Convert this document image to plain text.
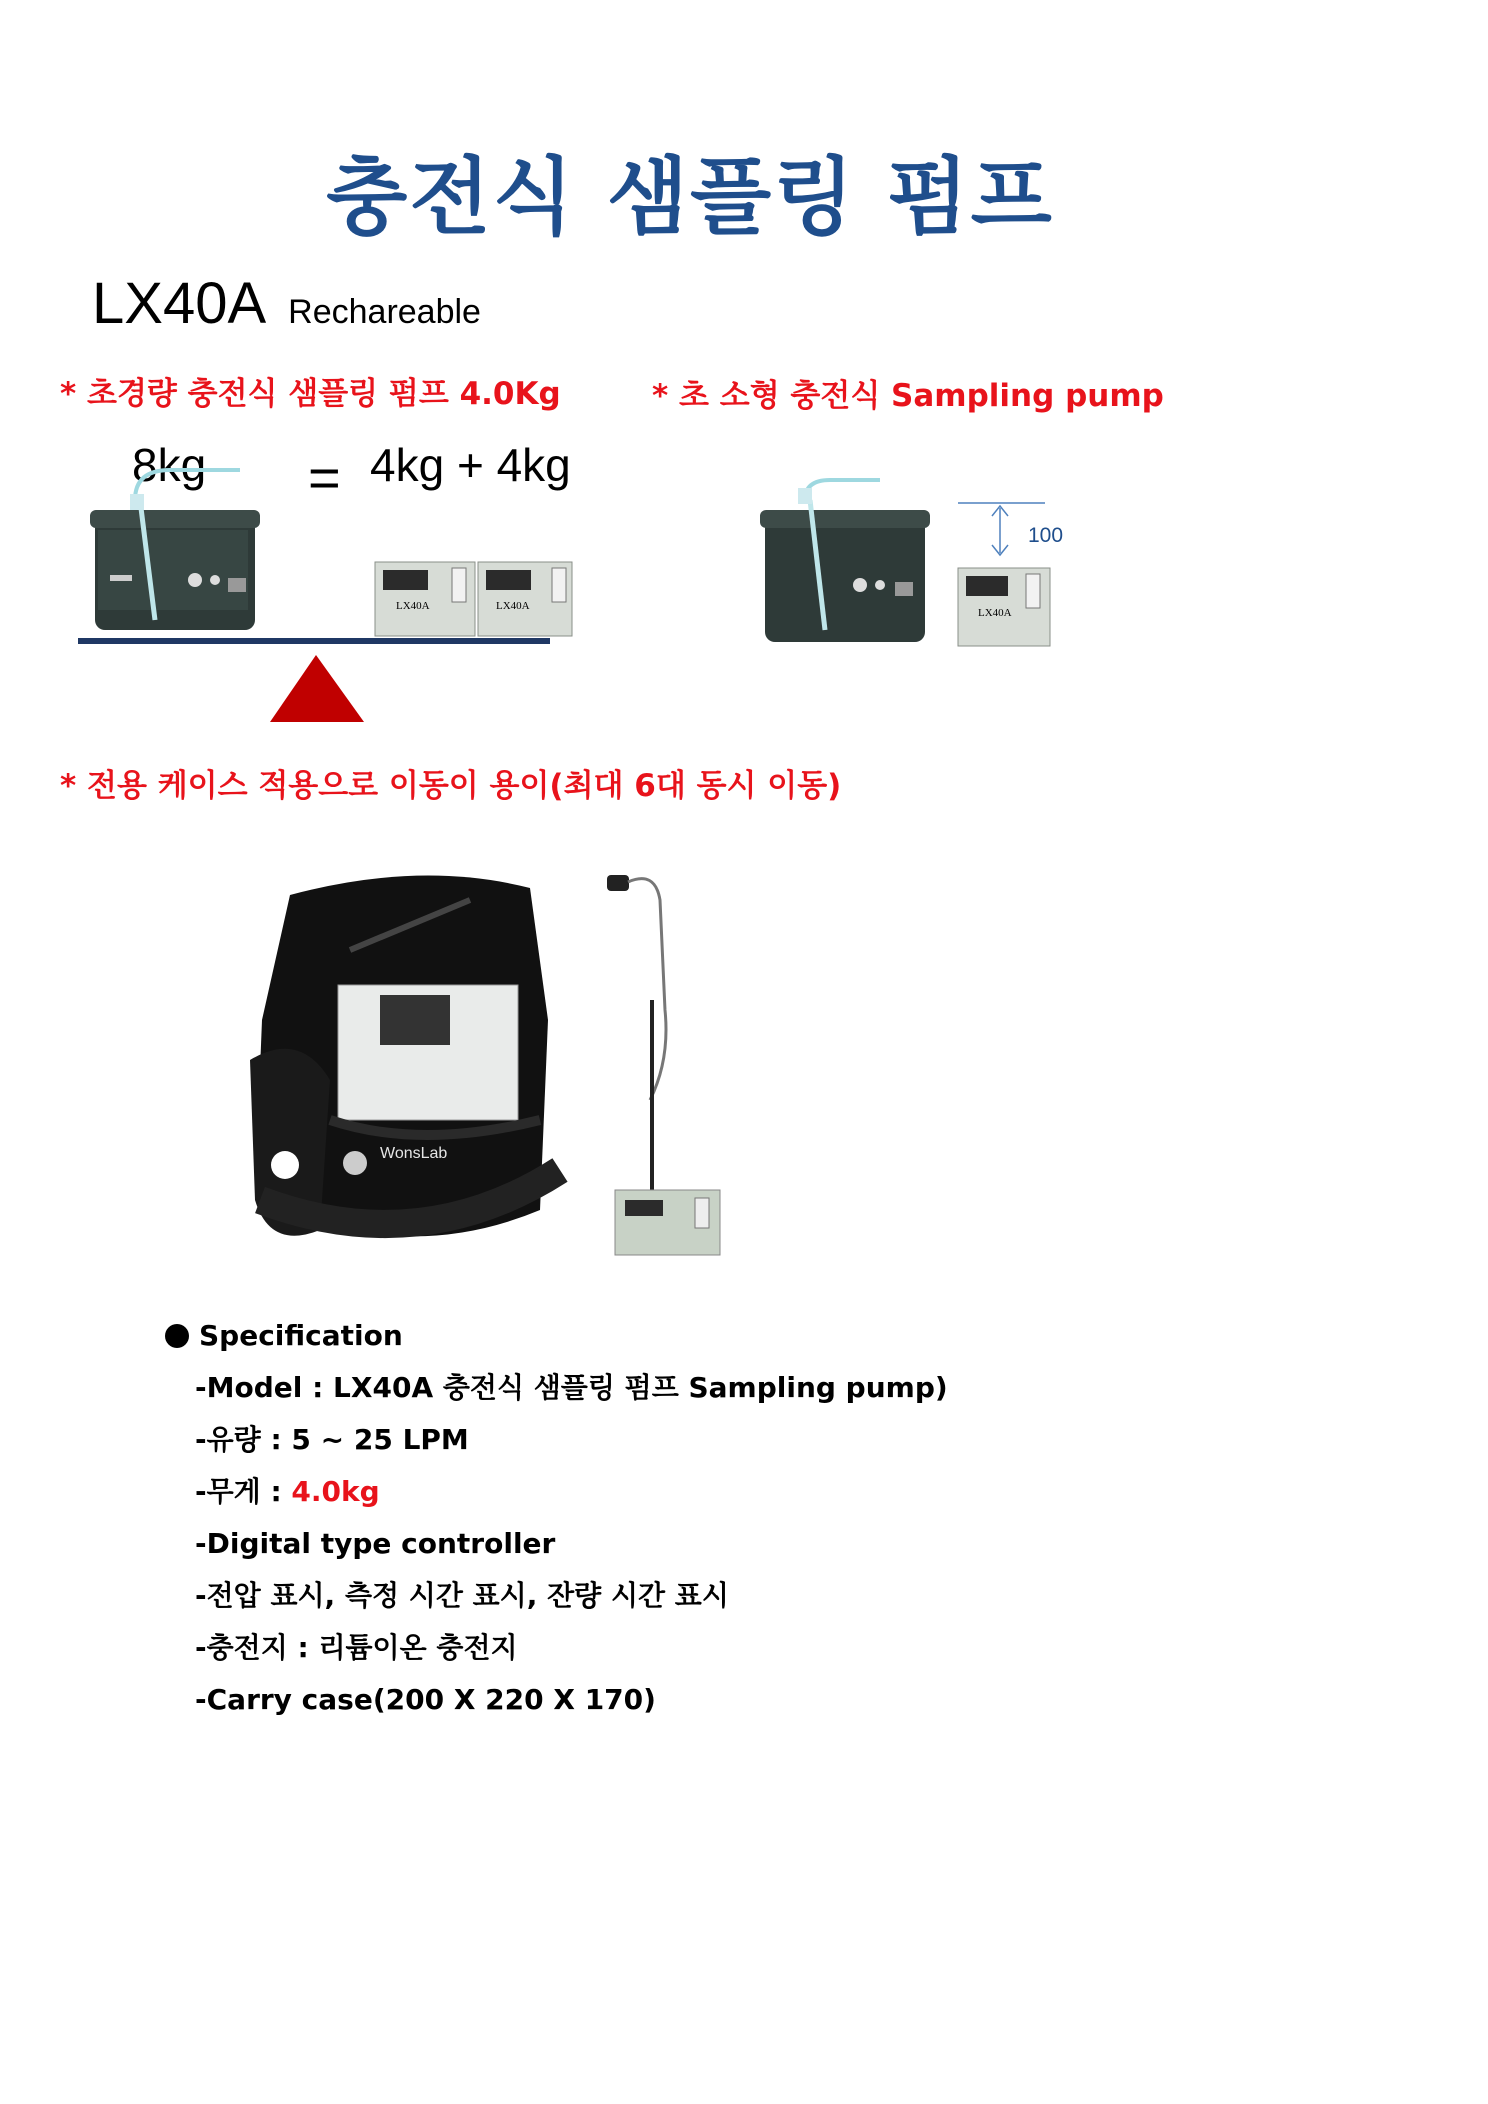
충전식 샘플링 펌프
LX40A Rechareable
* 초경량 충전식 샘플링 펌프 4.0Kg	* 초 소형 충전식 Sampling pump
8kg = 4kg + 4kg
LX40A	LX40A
LX40A
100
* 전용 케이스 적용으로 이동이 용이(최대 6대 동시 이동)
WonsLab
Specification
-Model : LX40A 충전식 샘플링 펌프 Sampling pump)
-유량 : 5 ~ 25 LPM
-무게 : 4.0kg
-Digital type controller
-전압 표시, 측정 시간 표시, 잔량 시간 표시
-충전지 : 리튬이온 충전지
-Carry case(200 X 220 X 170)
